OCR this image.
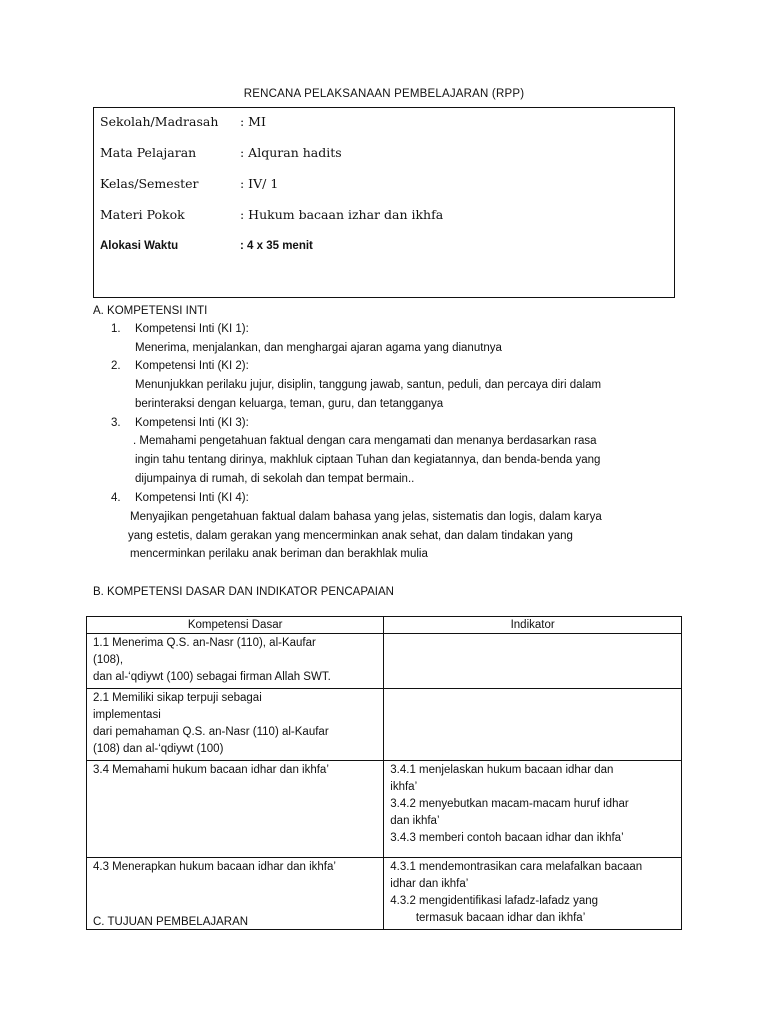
RENCANA PELAKSANAAN PEMBELAJARAN (RPP)
Sekolah/Madrasah : MI
Mata Pelajaran	: Alquran hadits
Kelas/Semester	: IV/ 1
Materi Pokok	: Hukum bacaan izhar dan ikhfa
Alokasi Waktu	: 4 x 35 menit
A. KOMPETENSI INTI
1. Kompetensi Inti (KI 1):
Menerima, menjalankan, dan menghargai ajaran agama yang dianutnya
2. Kompetensi Inti (KI 2):
Menunjukkan perilaku jujur, disiplin, tanggung jawab, santun, peduli, dan percaya diri dalam
berinteraksi dengan keluarga, teman, guru, dan tetangganya
3. Kompetensi Inti (KI 3):
. Memahami pengetahuan faktual dengan cara mengamati dan menanya berdasarkan rasa
ingin tahu tentang dirinya, makhluk ciptaan Tuhan dan kegiatannya, dan benda-benda yang
dijumpainya di rumah, di sekolah dan tempat bermain..
4. Kompetensi Inti (KI 4):
Menyajikan pengetahuan faktual dalam bahasa yang jelas, sistematis dan logis, dalam karya
yang estetis, dalam gerakan yang mencerminkan anak sehat, dan dalam tindakan yang
mencerminkan perilaku anak beriman dan berakhlak mulia
B. KOMPETENSI DASAR DAN INDIKATOR PENCAPAIAN
Kompetensi Dasar	Indikator

1.1 Menerima Q.S. an-Nasr (110), al-Kaufar
(108),
dan al-‘qdiywt (100) sebagai firman Allah SWT.	

2.1 Memiliki sikap terpuji sebagai
implementasi
dari pemahaman Q.S. an-Nasr (110) al-Kaufar
(108) dan al-‘qdiywt (100)	

3.4 Memahami hukum bacaan idhar dan ikhfa’	3.4.1 menjelaskan hukum bacaan idhar dan
ikhfa’
3.4.2 menyebutkan macam-macam huruf idhar
dan ikhfa’
3.4.3 memberi contoh bacaan idhar dan ikhfa’

4.3 Menerapkan hukum bacaan idhar dan ikhfa’	4.3.1 mendemontrasikan cara melafalkan bacaan
idhar dan ikhfa’
4.3.2 mengidentifikasi lafadz-lafadz yang
termasuk bacaan idhar dan ikhfa’
C. TUJUAN PEMBELAJARAN
